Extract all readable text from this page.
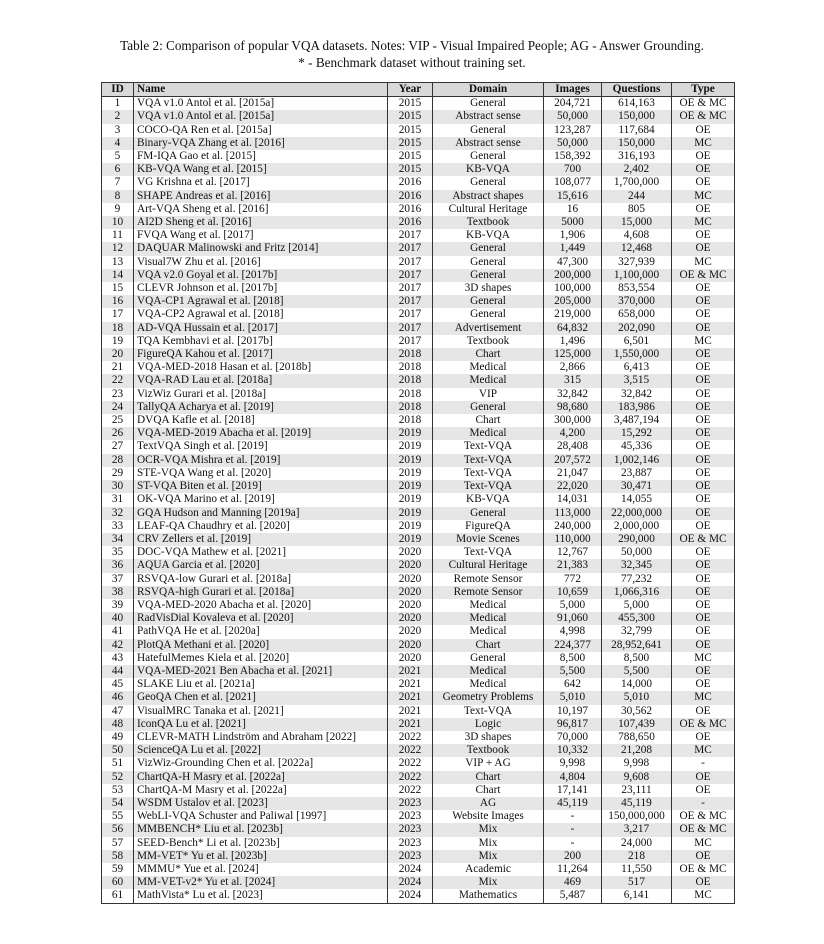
Table 2: Comparison of popular VQA datasets. Notes: VIP - Visual Impaired People; AG - Answer Grounding.
* - Benchmark dataset without training set.
ID	Name	Year	Domain	Images	Questions	Type
1	VQA v1.0 Antol et al. [2015a]	2015	General	204,721	614,163	OE & MC
2	VQA v1.0 Antol et al. [2015a]	2015	Abstract sense	50,000	150,000	OE & MC
3	COCO-QA Ren et al. [2015a]	2015	General	123,287	117,684	OE
4	Binary-VQA Zhang et al. [2016]	2015	Abstract sense	50,000	150,000	MC
5	FM-IQA Gao et al. [2015]	2015	General	158,392	316,193	OE
6	KB-VQA Wang et al. [2015]	2015	KB-VQA	700	2,402	OE
7	VG Krishna et al. [2017]	2016	General	108,077	1,700,000	OE
8	SHAPE Andreas et al. [2016]	2016	Abstract shapes	15,616	244	MC
9	Art-VQA Sheng et al. [2016]	2016	Cultural Heritage	16	805	OE
10	AI2D Sheng et al. [2016]	2016	Textbook	5000	15,000	MC
11	FVQA Wang et al. [2017]	2017	KB-VQA	1,906	4,608	OE
12	DAQUAR Malinowski and Fritz [2014]	2017	General	1,449	12,468	OE
13	Visual7W Zhu et al. [2016]	2017	General	47,300	327,939	MC
14	VQA v2.0 Goyal et al. [2017b]	2017	General	200,000	1,100,000	OE & MC
15	CLEVR Johnson et al. [2017b]	2017	3D shapes	100,000	853,554	OE
16	VQA-CP1 Agrawal et al. [2018]	2017	General	205,000	370,000	OE
17	VQA-CP2 Agrawal et al. [2018]	2017	General	219,000	658,000	OE
18	AD-VQA Hussain et al. [2017]	2017	Advertisement	64,832	202,090	OE
19	TQA Kembhavi et al. [2017b]	2017	Textbook	1,496	6,501	MC
20	FigureQA Kahou et al. [2017]	2018	Chart	125,000	1,550,000	OE
21	VQA-MED-2018 Hasan et al. [2018b]	2018	Medical	2,866	6,413	OE
22	VQA-RAD Lau et al. [2018a]	2018	Medical	315	3,515	OE
23	VizWiz Gurari et al. [2018a]	2018	VIP	32,842	32,842	OE
24	TallyQA Acharya et al. [2019]	2018	General	98,680	183,986	OE
25	DVQA Kafle et al. [2018]	2018	Chart	300,000	3,487,194	OE
26	VQA-MED-2019 Abacha et al. [2019]	2019	Medical	4,200	15,292	OE
27	TextVQA Singh et al. [2019]	2019	Text-VQA	28,408	45,336	OE
28	OCR-VQA Mishra et al. [2019]	2019	Text-VQA	207,572	1,002,146	OE
29	STE-VQA Wang et al. [2020]	2019	Text-VQA	21,047	23,887	OE
30	ST-VQA Biten et al. [2019]	2019	Text-VQA	22,020	30,471	OE
31	OK-VQA Marino et al. [2019]	2019	KB-VQA	14,031	14,055	OE
32	GQA Hudson and Manning [2019a]	2019	General	113,000	22,000,000	OE
33	LEAF-QA Chaudhry et al. [2020]	2019	FigureQA	240,000	2,000,000	OE
34	CRV Zellers et al. [2019]	2019	Movie Scenes	110,000	290,000	OE & MC
35	DOC-VQA Mathew et al. [2021]	2020	Text-VQA	12,767	50,000	OE
36	AQUA Garcia et al. [2020]	2020	Cultural Heritage	21,383	32,345	OE
37	RSVQA-low Gurari et al. [2018a]	2020	Remote Sensor	772	77,232	OE
38	RSVQA-high Gurari et al. [2018a]	2020	Remote Sensor	10,659	1,066,316	OE
39	VQA-MED-2020 Abacha et al. [2020]	2020	Medical	5,000	5,000	OE
40	RadVisDial Kovaleva et al. [2020]	2020	Medical	91,060	455,300	OE
41	PathVQA He et al. [2020a]	2020	Medical	4,998	32,799	OE
42	PlotQA Methani et al. [2020]	2020	Chart	224,377	28,952,641	OE
43	HatefulMemes Kiela et al. [2020]	2020	General	8,500	8,500	MC
44	VQA-MED-2021 Ben Abacha et al. [2021]	2021	Medical	5,500	5,500	OE
45	SLAKE Liu et al. [2021a]	2021	Medical	642	14,000	OE
46	GeoQA Chen et al. [2021]	2021	Geometry Problems	5,010	5,010	MC
47	VisualMRC Tanaka et al. [2021]	2021	Text-VQA	10,197	30,562	OE
48	IconQA Lu et al. [2021]	2021	Logic	96,817	107,439	OE & MC
49	CLEVR-MATH Lindström and Abraham [2022]	2022	3D shapes	70,000	788,650	OE
50	ScienceQA Lu et al. [2022]	2022	Textbook	10,332	21,208	MC
51	VizWiz-Grounding Chen et al. [2022a]	2022	VIP + AG	9,998	9,998	-
52	ChartQA-H Masry et al. [2022a]	2022	Chart	4,804	9,608	OE
53	ChartQA-M Masry et al. [2022a]	2022	Chart	17,141	23,111	OE
54	WSDM Ustalov et al. [2023]	2023	AG	45,119	45,119	-
55	WebLI-VQA Schuster and Paliwal [1997]	2023	Website Images	-	150,000,000	OE & MC
56	MMBENCH* Liu et al. [2023b]	2023	Mix	-	3,217	OE & MC
57	SEED-Bench* Li et al. [2023b]	2023	Mix	-	24,000	MC
58	MM-VET* Yu et al. [2023b]	2023	Mix	200	218	OE
59	MMMU* Yue et al. [2024]	2024	Academic	11,264	11,550	OE & MC
60	MM-VET-v2* Yu et al. [2024]	2024	Mix	469	517	OE
61	MathVista* Lu et al. [2023]	2024	Mathematics	5,487	6,141	MC
